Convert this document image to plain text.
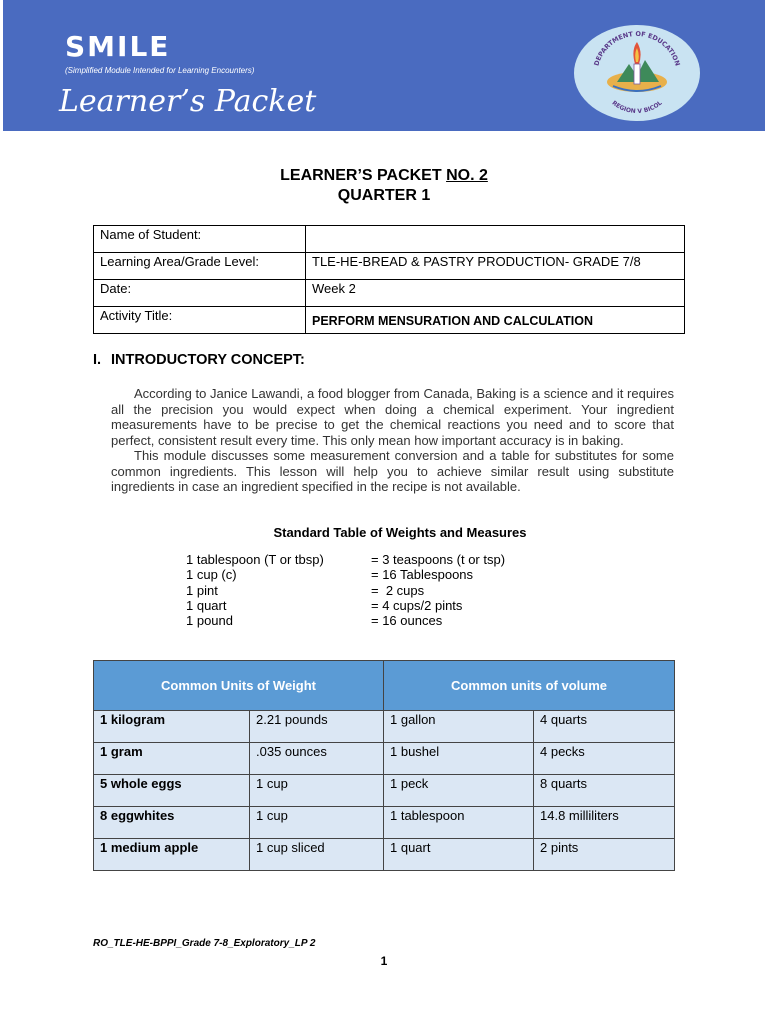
SMILE
(Simplified Module Intended for Learning Encounters)
Learner’s Packet
DEPARTMENT OF EDUCATION
REGION V BICOL
LEARNER’S PACKET NO. 2
QUARTER 1
Name of Student:	
Learning Area/Grade Level:	TLE-HE-BREAD & PASTRY PRODUCTION- GRADE 7/8
Date:	Week 2
Activity Title:	PERFORM MENSURATION AND CALCULATION
I. INTRODUCTORY CONCEPT:

According to Janice Lawandi, a food blogger from Canada, Baking is a science and it requires all the precision you would expect when doing a chemical experiment. Your ingredient measurements have to be precise to get the chemical reactions you need and to score that perfect, consistent result every time. This only mean how important accuracy is in baking.

This module discusses some measurement conversion and a table for substitutes for some common ingredients. This lesson will help you to achieve similar result using substitute ingredients in case an ingredient specified in the recipe is not available.

Standard Table of Weights and Measures
1 tablespoon (T or tbsp)	= 3 teaspoons (t or tsp)
1 cup (c)	= 16 Tablespoons
1 pint	=  2 cups
1 quart	= 4 cups/2 pints
1 pound	= 16 ounces
Common Units of Weight		Common units of volume	
1 kilogram	2.21 pounds	1 gallon	4 quarts
1 gram	.035 ounces	1 bushel	4 pecks
5 whole eggs	1 cup	1 peck	8 quarts
8 eggwhites	1 cup	1 tablespoon	14.8 milliliters
1 medium apple	1 cup sliced	1 quart	2 pints
RO_TLE-HE-BPPI_Grade 7-8_Exploratory_LP 2
1
